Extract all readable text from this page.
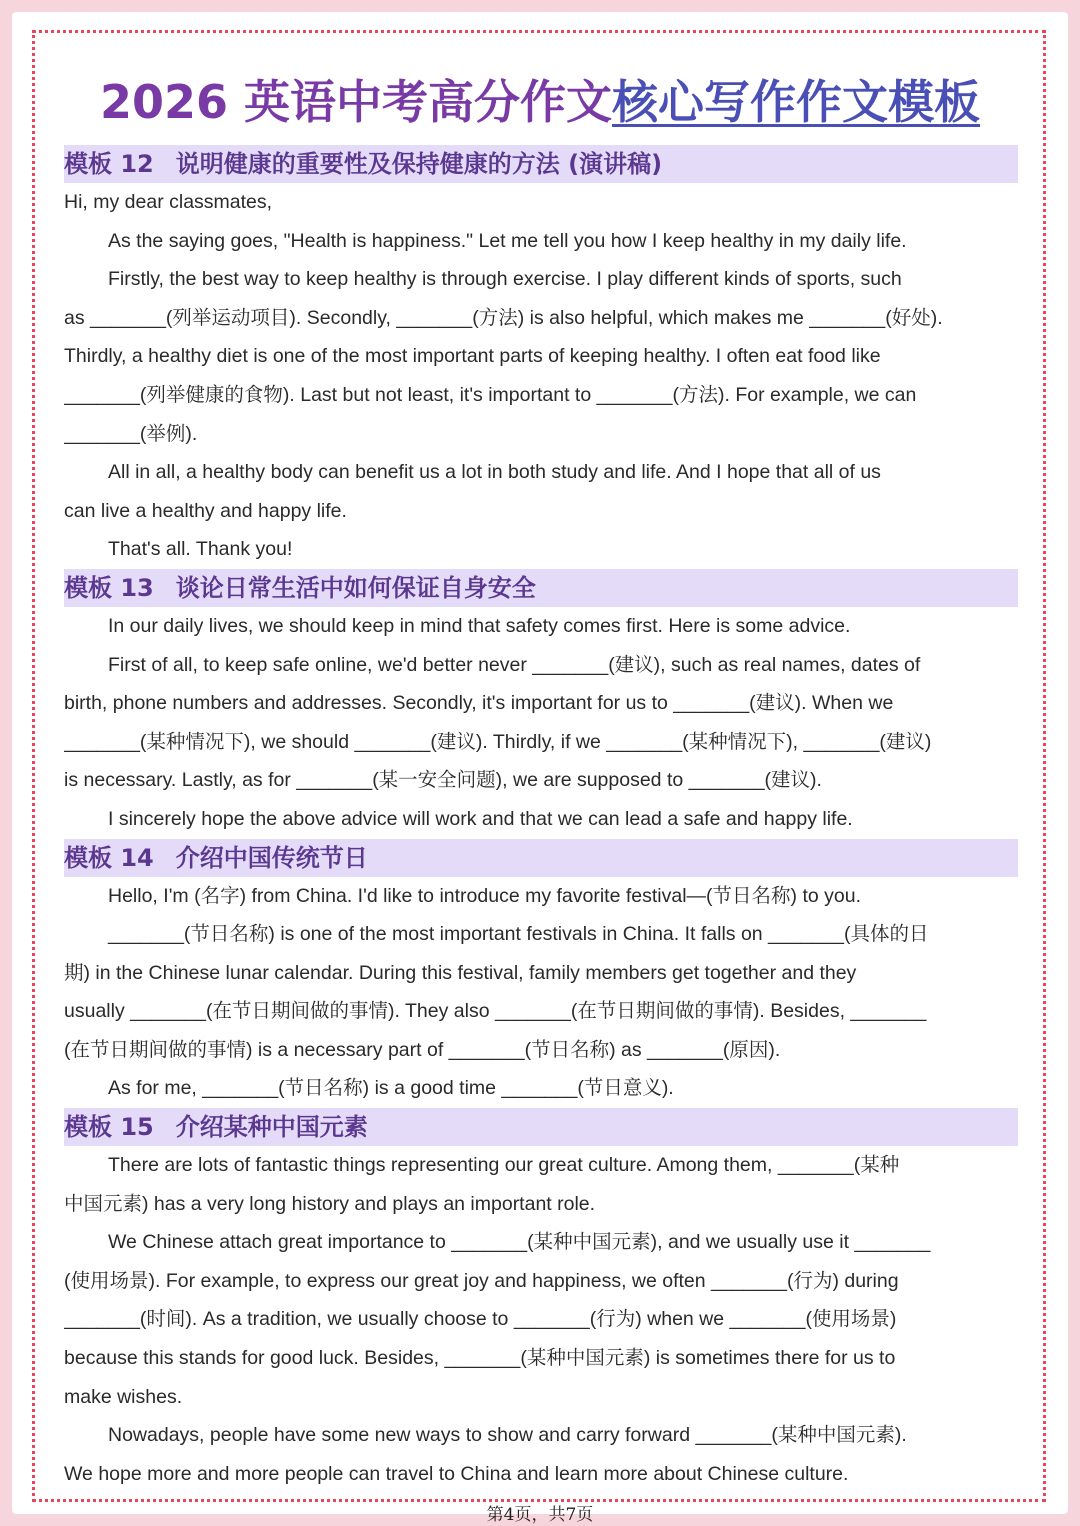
2026 英语中考高分作文核心写作作文模板
模板 12 说明健康的重要性及保持健康的方法 (演讲稿)

Hi, my dear classmates,

As the saying goes, "Health is happiness." Let me tell you how I keep healthy in my daily life.

Firstly, the best way to keep healthy is through exercise. I play different kinds of sports, such

as _______(列举运动项目). Secondly, _______(方法) is also helpful, which makes me _______(好处).

Thirdly, a healthy diet is one of the most important parts of keeping healthy. I often eat food like

_______(列举健康的食物). Last but not least, it's important to _______(方法). For example, we can

_______(举例).

All in all, a healthy body can benefit us a lot in both study and life. And I hope that all of us

can live a healthy and happy life.

That's all. Thank you!

模板 13 谈论日常生活中如何保证自身安全

In our daily lives, we should keep in mind that safety comes first. Here is some advice.

First of all, to keep safe online, we'd better never _______(建议), such as real names, dates of

birth, phone numbers and addresses. Secondly, it's important for us to _______(建议). When we

_______(某种情况下), we should _______(建议). Thirdly, if we _______(某种情况下), _______(建议)

is necessary. Lastly, as for _______(某一安全问题), we are supposed to _______(建议).

I sincerely hope the above advice will work and that we can lead a safe and happy life.

模板 14 介绍中国传统节日

Hello, I'm (名字) from China. I'd like to introduce my favorite festival—(节日名称) to you.

_______(节日名称) is one of the most important festivals in China. It falls on _______(具体的日

期) in the Chinese lunar calendar. During this festival, family members get together and they

usually _______(在节日期间做的事情). They also _______(在节日期间做的事情). Besides, _______

(在节日期间做的事情) is a necessary part of _______(节日名称) as _______(原因).

As for me, _______(节日名称) is a good time _______(节日意义).

模板 15 介绍某种中国元素

There are lots of fantastic things representing our great culture. Among them, _______(某种

中国元素) has a very long history and plays an important role.

We Chinese attach great importance to _______(某种中国元素), and we usually use it _______

(使用场景). For example, to express our great joy and happiness, we often _______(行为) during

_______(时间). As a tradition, we usually choose to _______(行为) when we _______(使用场景)

because this stands for good luck. Besides, _______(某种中国元素) is sometimes there for us to

make wishes.

Nowadays, people have some new ways to show and carry forward _______(某种中国元素).

We hope more and more people can travel to China and learn more about Chinese culture.

第4页，共7页
